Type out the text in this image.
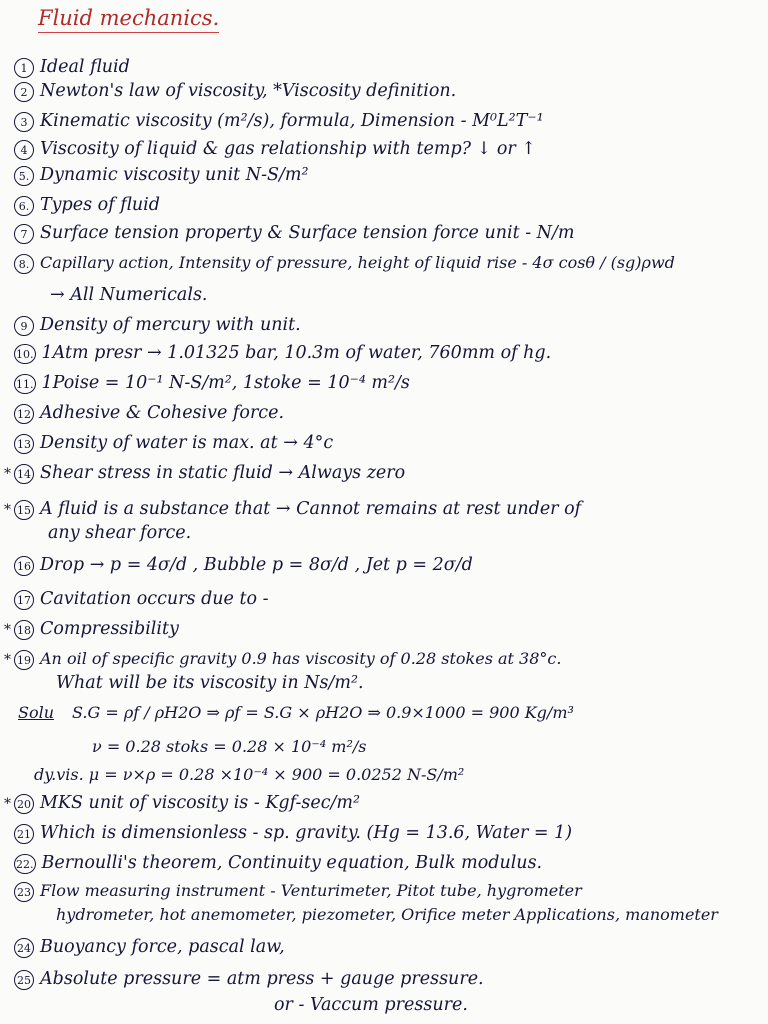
Fluid mechanics.
1 Ideal fluid
2 Newton's law of viscosity, *Viscosity definition.
3 Kinematic viscosity (m²/s), formula, Dimension - M⁰L²T⁻¹
4 Viscosity of liquid & gas relationship with temp? ↓ or ↑
5. Dynamic viscosity unit N-S/m²
6. Types of fluid
7 Surface tension property & Surface tension force unit - N/m
8. Capillary action, Intensity of pressure, height of liquid rise - 4σ cosθ / (sg)ρwd
→ All Numericals.
9 Density of mercury with unit.
10. 1Atm presr → 1.01325 bar, 10.3m of water, 760mm of hg.
11. 1Poise = 10⁻¹ N-S/m², 1stoke = 10⁻⁴ m²/s
12 Adhesive & Cohesive force.
13 Density of water is max. at → 4°c
* 14 Shear stress in static fluid → Always zero
* 15 A fluid is a substance that → Cannot remains at rest under of
any shear force.
16 Drop → p = 4σ/d , Bubble p = 8σ/d , Jet p = 2σ/d
17 Cavitation occurs due to -
* 18 Compressibility
* 19 An oil of specific gravity 0.9 has viscosity of 0.28 stokes at 38°c.
What will be its viscosity in Ns/m².
Solu S.G = ρf / ρH2O ⇒ ρf = S.G × ρH2O ⇒ 0.9×1000 = 900 Kg/m³
ν = 0.28 stoks = 0.28 × 10⁻⁴ m²/s
dy.vis. μ = ν×ρ = 0.28 ×10⁻⁴ × 900 = 0.0252 N-S/m²
* 20 MKS unit of viscosity is - Kgf-sec/m²
21 Which is dimensionless - sp. gravity. (Hg = 13.6, Water = 1)
22. Bernoulli's theorem, Continuity equation, Bulk modulus.
23 Flow measuring instrument - Venturimeter, Pitot tube, hygrometer
hydrometer, hot anemometer, piezometer, Orifice meter Applications, manometer
24 Buoyancy force, pascal law,
25 Absolute pressure = atm press + gauge pressure.
or - Vaccum pressure.
